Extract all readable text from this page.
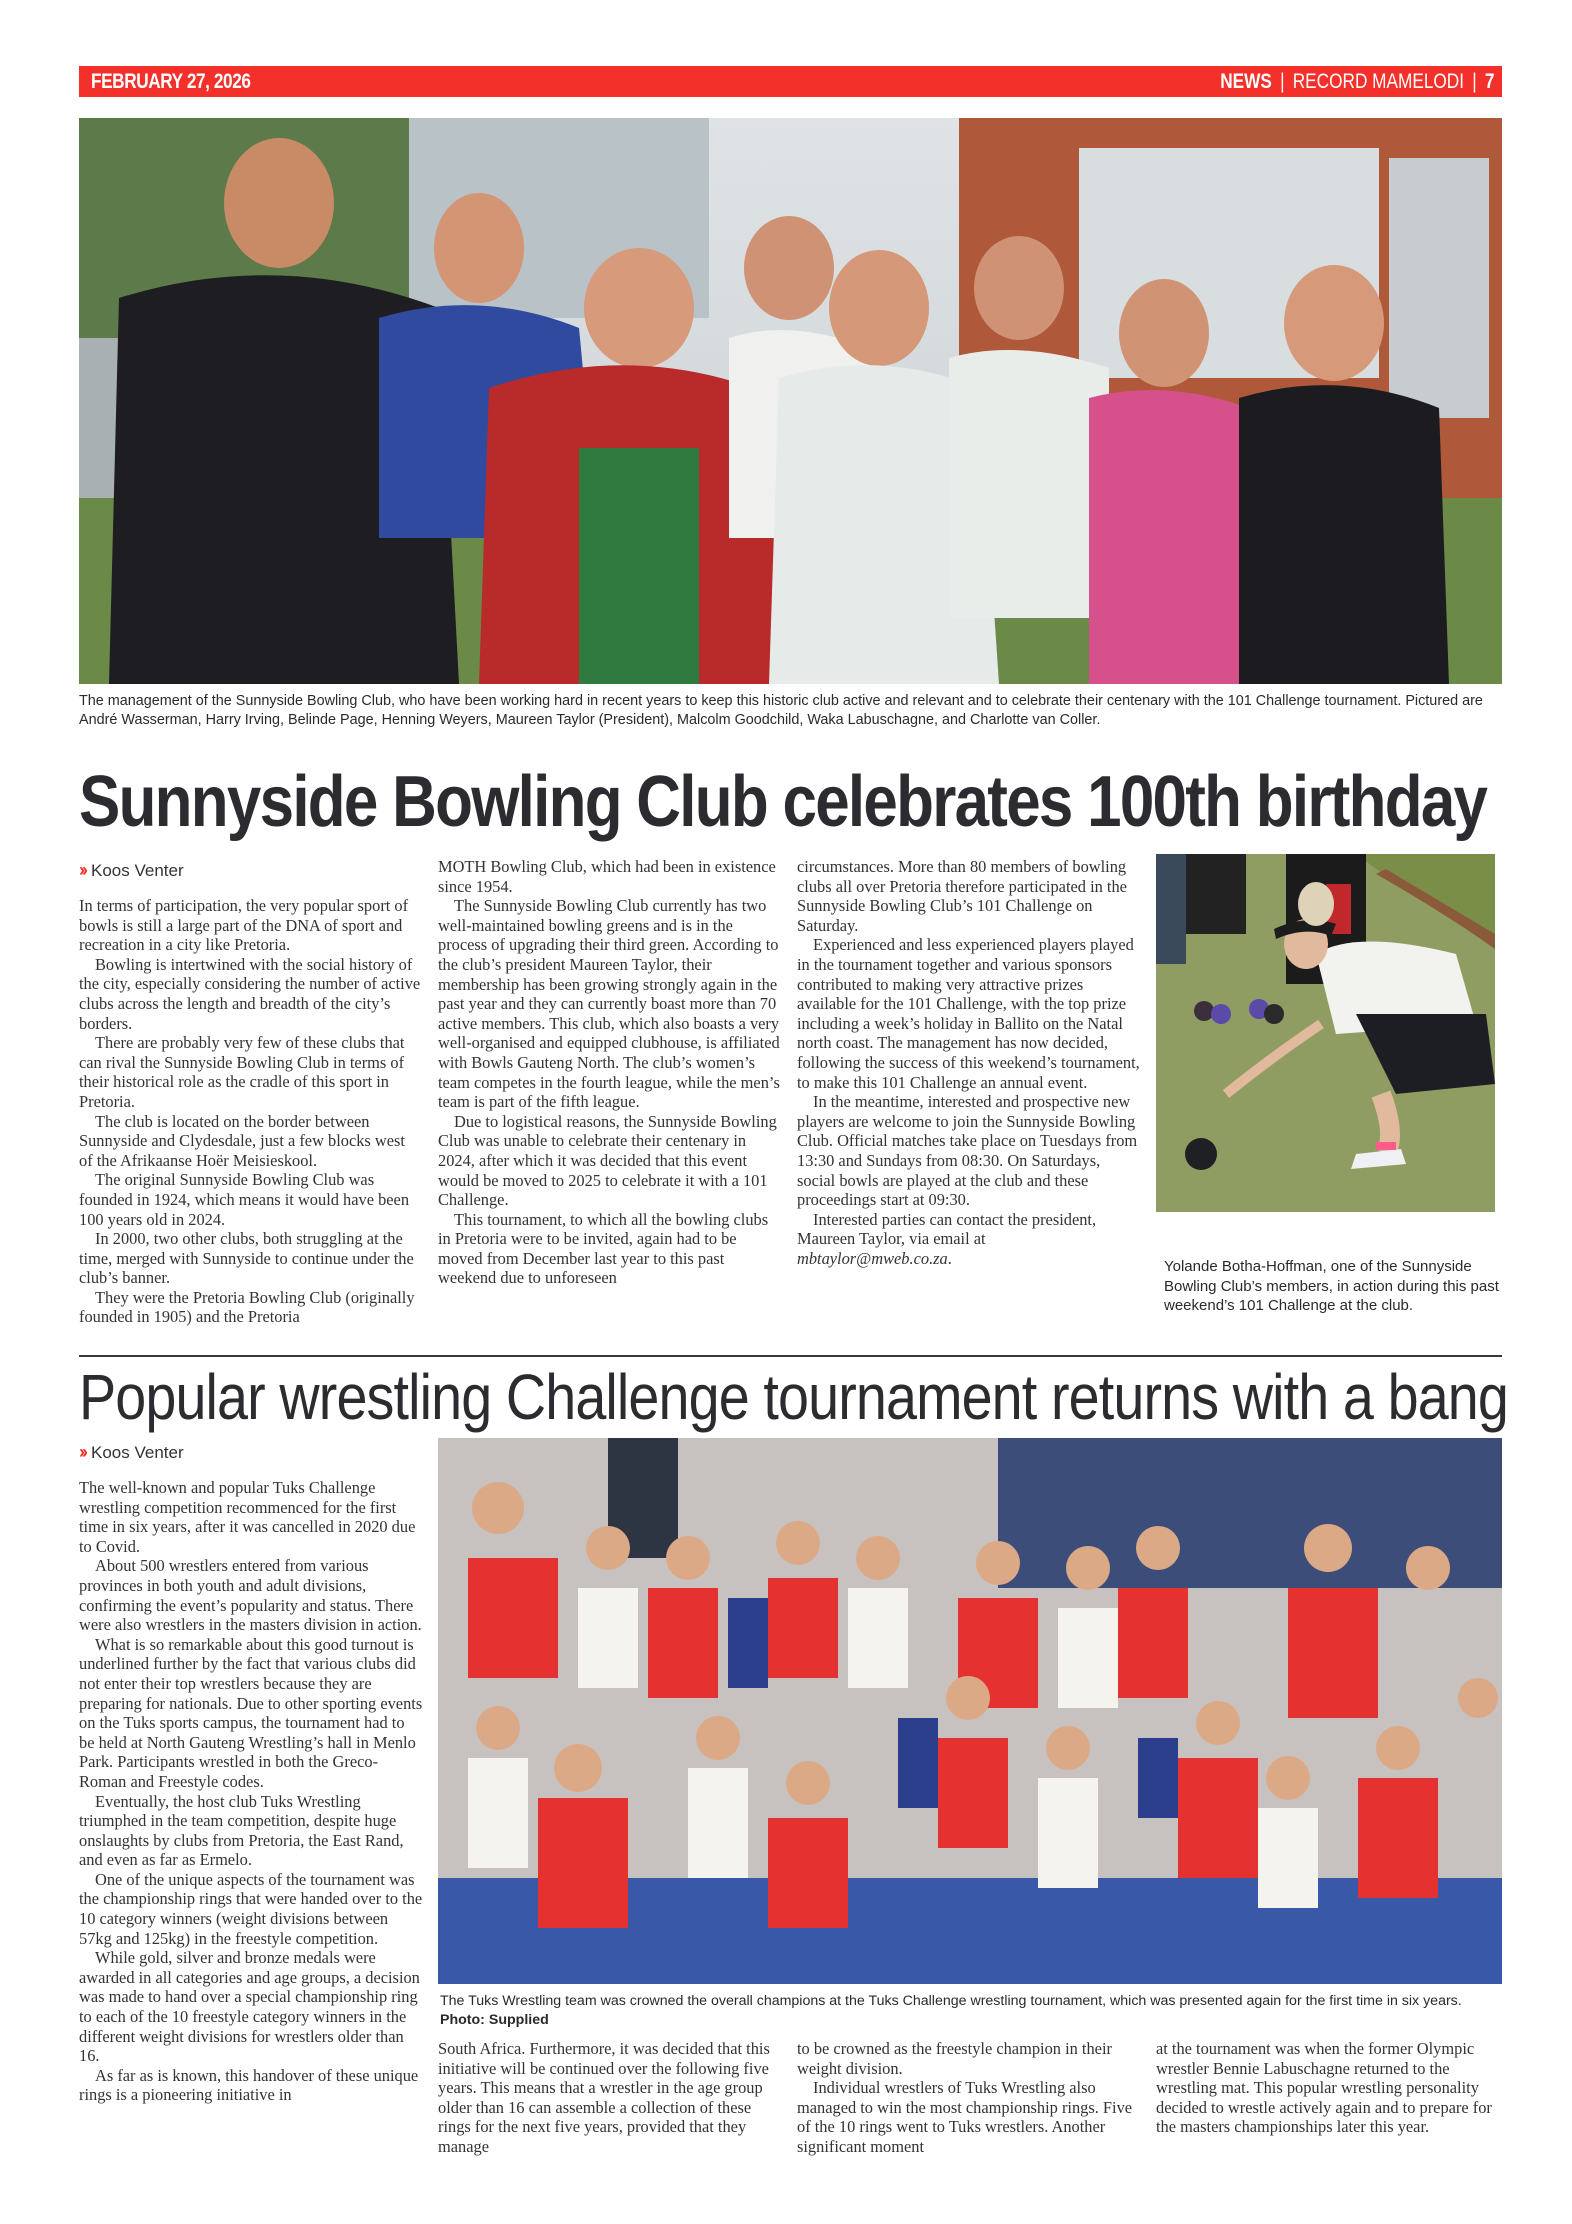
FEBRUARY 27, 2026	NEWS | RECORD MAMELODI | 7
The management of the Sunnyside Bowling Club, who have been working hard in recent years to keep this historic club active and relevant and to celebrate their centenary with the 101 Challenge tournament. Pictured are André Wasserman, Harry Irving, Belinde Page, Henning Weyers, Maureen Taylor (President), Malcolm Goodchild, Waka Labuschagne, and Charlotte van Coller.
Sunnyside Bowling Club celebrates 100th birthday
›› Koos Venter

In terms of participation, the very popular sport of bowls is still a large part of the DNA of sport and recreation in a city like Pretoria.

Bowling is intertwined with the social history of the city, especially considering the number of active clubs across the length and breadth of the city’s borders.

There are probably very few of these clubs that can rival the Sunnyside Bowling Club in terms of their historical role as the cradle of this sport in Pretoria.

The club is located on the border between Sunnyside and Clydesdale, just a few blocks west of the Afrikaanse Hoër Meisieskool.

The original Sunnyside Bowling Club was founded in 1924, which means it would have been 100 years old in 2024.

In 2000, two other clubs, both struggling at the time, merged with Sunnyside to continue under the club’s banner.

They were the Pretoria Bowling Club (originally founded in 1905) and the Pretoria

MOTH Bowling Club, which had been in existence since 1954.

The Sunnyside Bowling Club currently has two well-maintained bowling greens and is in the process of upgrading their third green. According to the club’s president Maureen Taylor, their membership has been growing strongly again in the past year and they can currently boast more than 70 active members. This club, which also boasts a very well-organised and equipped clubhouse, is affiliated with Bowls Gauteng North. The club’s women’s team competes in the fourth league, while the men’s team is part of the fifth league.

Due to logistical reasons, the Sunnyside Bowling Club was unable to celebrate their centenary in 2024, after which it was decided that this event would be moved to 2025 to celebrate it with a 101 Challenge.

This tournament, to which all the bowling clubs in Pretoria were to be invited, again had to be moved from December last year to this past weekend due to unforeseen

circumstances. More than 80 members of bowling clubs all over Pretoria therefore participated in the Sunnyside Bowling Club’s 101 Challenge on Saturday.

Experienced and less experienced players played in the tournament together and various sponsors contributed to making very attractive prizes available for the 101 Challenge, with the top prize including a week’s holiday in Ballito on the Natal north coast. The management has now decided, following the success of this weekend’s tournament, to make this 101 Challenge an annual event.

In the meantime, interested and prospective new players are welcome to join the Sunnyside Bowling Club. Official matches take place on Tuesdays from 13:30 and Sundays from 08:30. On Saturdays, social bowls are played at the club and these proceedings start at 09:30.

Interested parties can contact the president, Maureen Taylor, via email at mbtaylor@mweb.co.za.	Yolande Botha-Hoffman, one of the Sunnyside Bowling Club’s members, in action during this past weekend’s 101 Challenge at the club.
Popular wrestling Challenge tournament returns with a bang
›› Koos Venter

The well-known and popular Tuks Challenge wrestling competition recommenced for the first time in six years, after it was cancelled in 2020 due to Covid.

About 500 wrestlers entered from various provinces in both youth and adult divisions, confirming the event’s popularity and status. There were also wrestlers in the masters division in action.

What is so remarkable about this good turnout is underlined further by the fact that various clubs did not enter their top wrestlers because they are preparing for nationals. Due to other sporting events on the Tuks sports campus, the tournament had to be held at North Gauteng Wrestling’s hall in Menlo Park. Participants wrestled in both the Greco-Roman and Freestyle codes.

Eventually, the host club Tuks Wrestling triumphed in the team competition, despite huge onslaughts by clubs from Pretoria, the East Rand, and even as far as Ermelo.

One of the unique aspects of the tournament was the championship rings that were handed over to the 10 category winners (weight divisions between 57kg and 125kg) in the freestyle competition.

While gold, silver and bronze medals were awarded in all categories and age groups, a decision was made to hand over a special championship ring to each of the 10 freestyle category winners in the different weight divisions for wrestlers older than 16.

As far as is known, this handover of these unique rings is a pioneering initiative in

The Tuks Wrestling team was crowned the overall champions at the Tuks Challenge wrestling tournament, which was presented again for the first time in six years. Photo: Supplied

South Africa. Furthermore, it was decided that this initiative will be continued over the following five years. This means that a wrestler in the age group older than 16 can assemble a collection of these rings for the next five years, provided that they manage

to be crowned as the freestyle champion in their weight division.

Individual wrestlers of Tuks Wrestling also managed to win the most championship rings. Five of the 10 rings went to Tuks wrestlers. Another significant moment

at the tournament was when the former Olympic wrestler Bennie Labuschagne returned to the wrestling mat. This popular wrestling personality decided to wrestle actively again and to prepare for the masters championships later this year.
